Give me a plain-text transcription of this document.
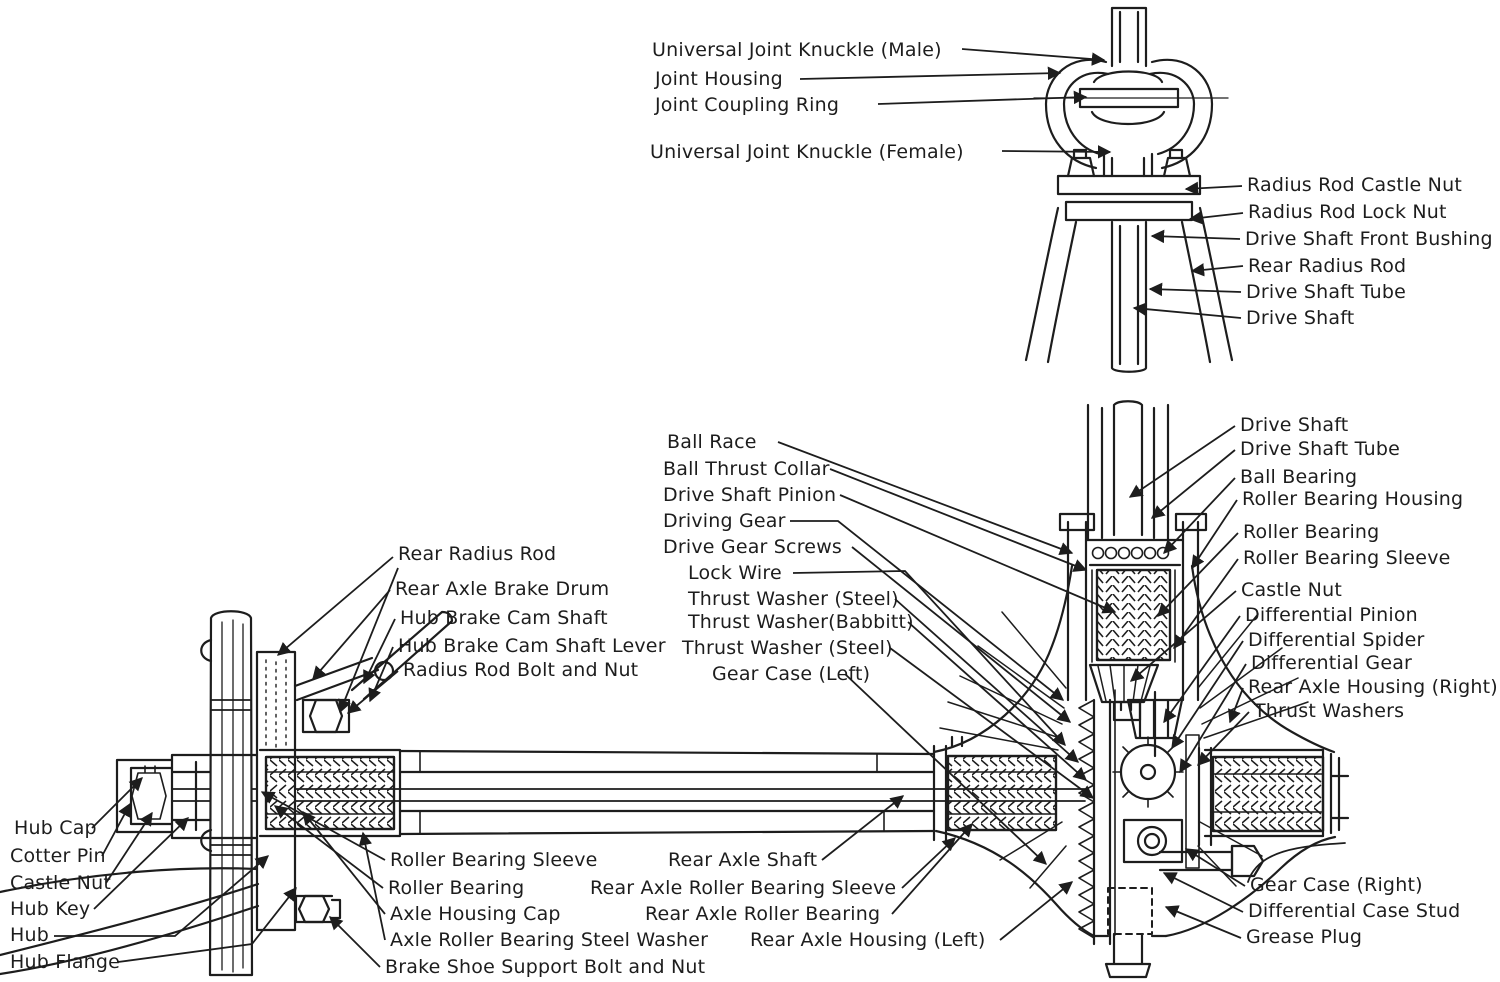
Universal Joint Knuckle (Male)
Joint Housing
Joint Coupling Ring
Universal Joint Knuckle (Female)
Radius Rod Castle Nut
Radius Rod Lock Nut
Drive Shaft Front Bushing
Rear Radius Rod
Drive Shaft Tube
Drive Shaft
Ball Race
Ball Thrust Collar
Drive Shaft Pinion
Driving Gear
Drive Gear Screws
Lock Wire
Thrust Washer (Steel)
Thrust Washer(Babbitt)
Thrust Washer (Steel)
Gear Case (Left)
Drive Shaft
Drive Shaft Tube
Ball Bearing
Roller Bearing Housing
Roller Bearing
Roller Bearing Sleeve
Castle Nut
Differential Pinion
Differential Spider
Differential Gear
Rear Axle Housing (Right)
Thrust Washers
Gear Case (Right)
Differential Case Stud
Grease Plug
Rear Radius Rod
Rear Axle Brake Drum
Hub Brake Cam Shaft
Hub Brake Cam Shaft Lever
Radius Rod Bolt and Nut
Hub Cap
Cotter Pin
Castle Nut
Hub Key
Hub
Hub Flange
Roller Bearing Sleeve
Roller Bearing
Axle Housing Cap
Axle Roller Bearing Steel Washer
Brake Shoe Support Bolt and Nut
Rear Axle Shaft
Rear Axle Roller Bearing Sleeve
Rear Axle Roller Bearing
Rear Axle Housing (Left)
